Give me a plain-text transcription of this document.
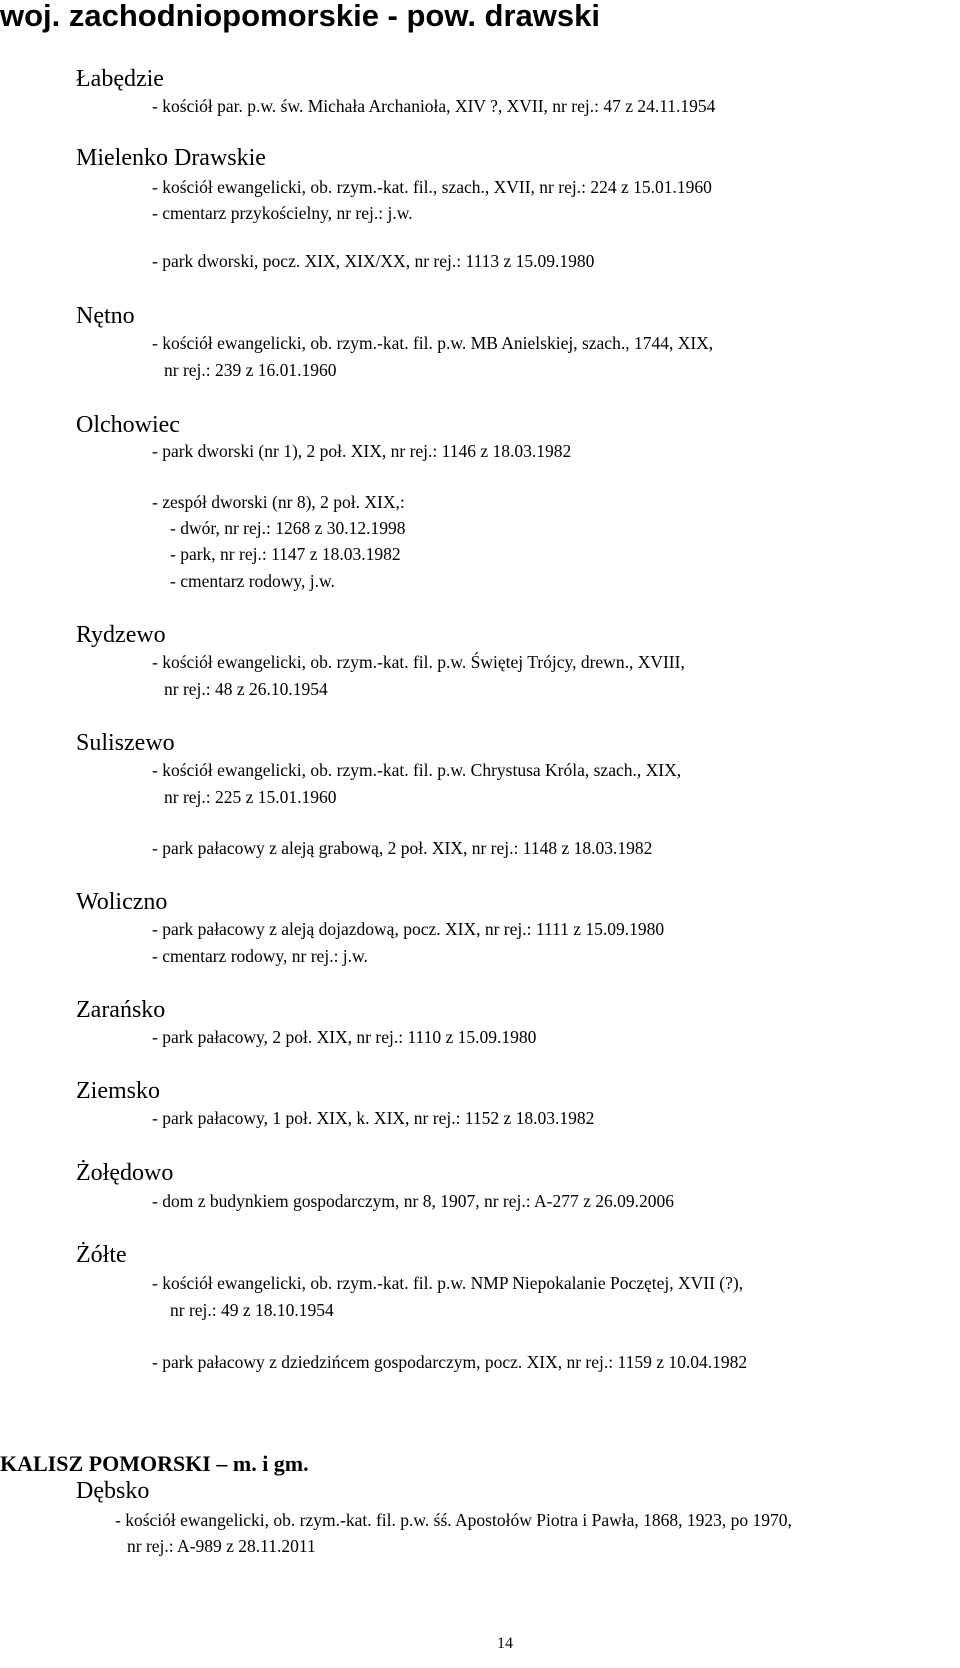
woj. zachodniopomorskie - pow. drawski
Łabędzie
- kościół par. p.w. św. Michała Archanioła, XIV ?, XVII, nr rej.: 47 z 24.11.1954
Mielenko Drawskie
- kościół ewangelicki, ob. rzym.-kat. fil., szach., XVII, nr rej.: 224 z 15.01.1960
- cmentarz przykościelny, nr rej.: j.w.
- park dworski, pocz. XIX, XIX/XX, nr rej.: 1113 z 15.09.1980
Nętno
- kościół ewangelicki, ob. rzym.-kat. fil. p.w. MB Anielskiej, szach., 1744, XIX,
nr rej.: 239 z 16.01.1960
Olchowiec
- park dworski (nr 1), 2 poł. XIX, nr rej.: 1146 z 18.03.1982
- zespół dworski (nr 8), 2 poł. XIX,:
- dwór, nr rej.: 1268 z 30.12.1998
- park, nr rej.: 1147 z 18.03.1982
- cmentarz rodowy, j.w.
Rydzewo
- kościół ewangelicki, ob. rzym.-kat. fil. p.w. Świętej Trójcy, drewn., XVIII,
nr rej.: 48 z 26.10.1954
Suliszewo
- kościół ewangelicki, ob. rzym.-kat. fil. p.w. Chrystusa Króla, szach., XIX,
nr rej.: 225 z 15.01.1960
- park pałacowy z aleją grabową, 2 poł. XIX, nr rej.: 1148 z 18.03.1982
Woliczno
- park pałacowy z aleją dojazdową, pocz. XIX, nr rej.: 1111 z 15.09.1980
- cmentarz rodowy, nr rej.: j.w.
Zarańsko
- park pałacowy, 2 poł. XIX, nr rej.: 1110 z 15.09.1980
Ziemsko
- park pałacowy, 1 poł. XIX, k. XIX, nr rej.: 1152 z 18.03.1982
Żołędowo
- dom z budynkiem gospodarczym, nr 8, 1907, nr rej.: A-277 z 26.09.2006
Żółte
- kościół ewangelicki, ob. rzym.-kat. fil. p.w. NMP Niepokalanie Poczętej, XVII (?),
nr rej.: 49 z 18.10.1954
- park pałacowy z dziedzińcem gospodarczym, pocz. XIX, nr rej.: 1159 z 10.04.1982
KALISZ POMORSKI – m. i gm.
Dębsko
- kościół ewangelicki, ob. rzym.-kat. fil. p.w. śś. Apostołów Piotra i Pawła, 1868, 1923, po 1970,
nr rej.: A-989 z 28.11.2011
14
